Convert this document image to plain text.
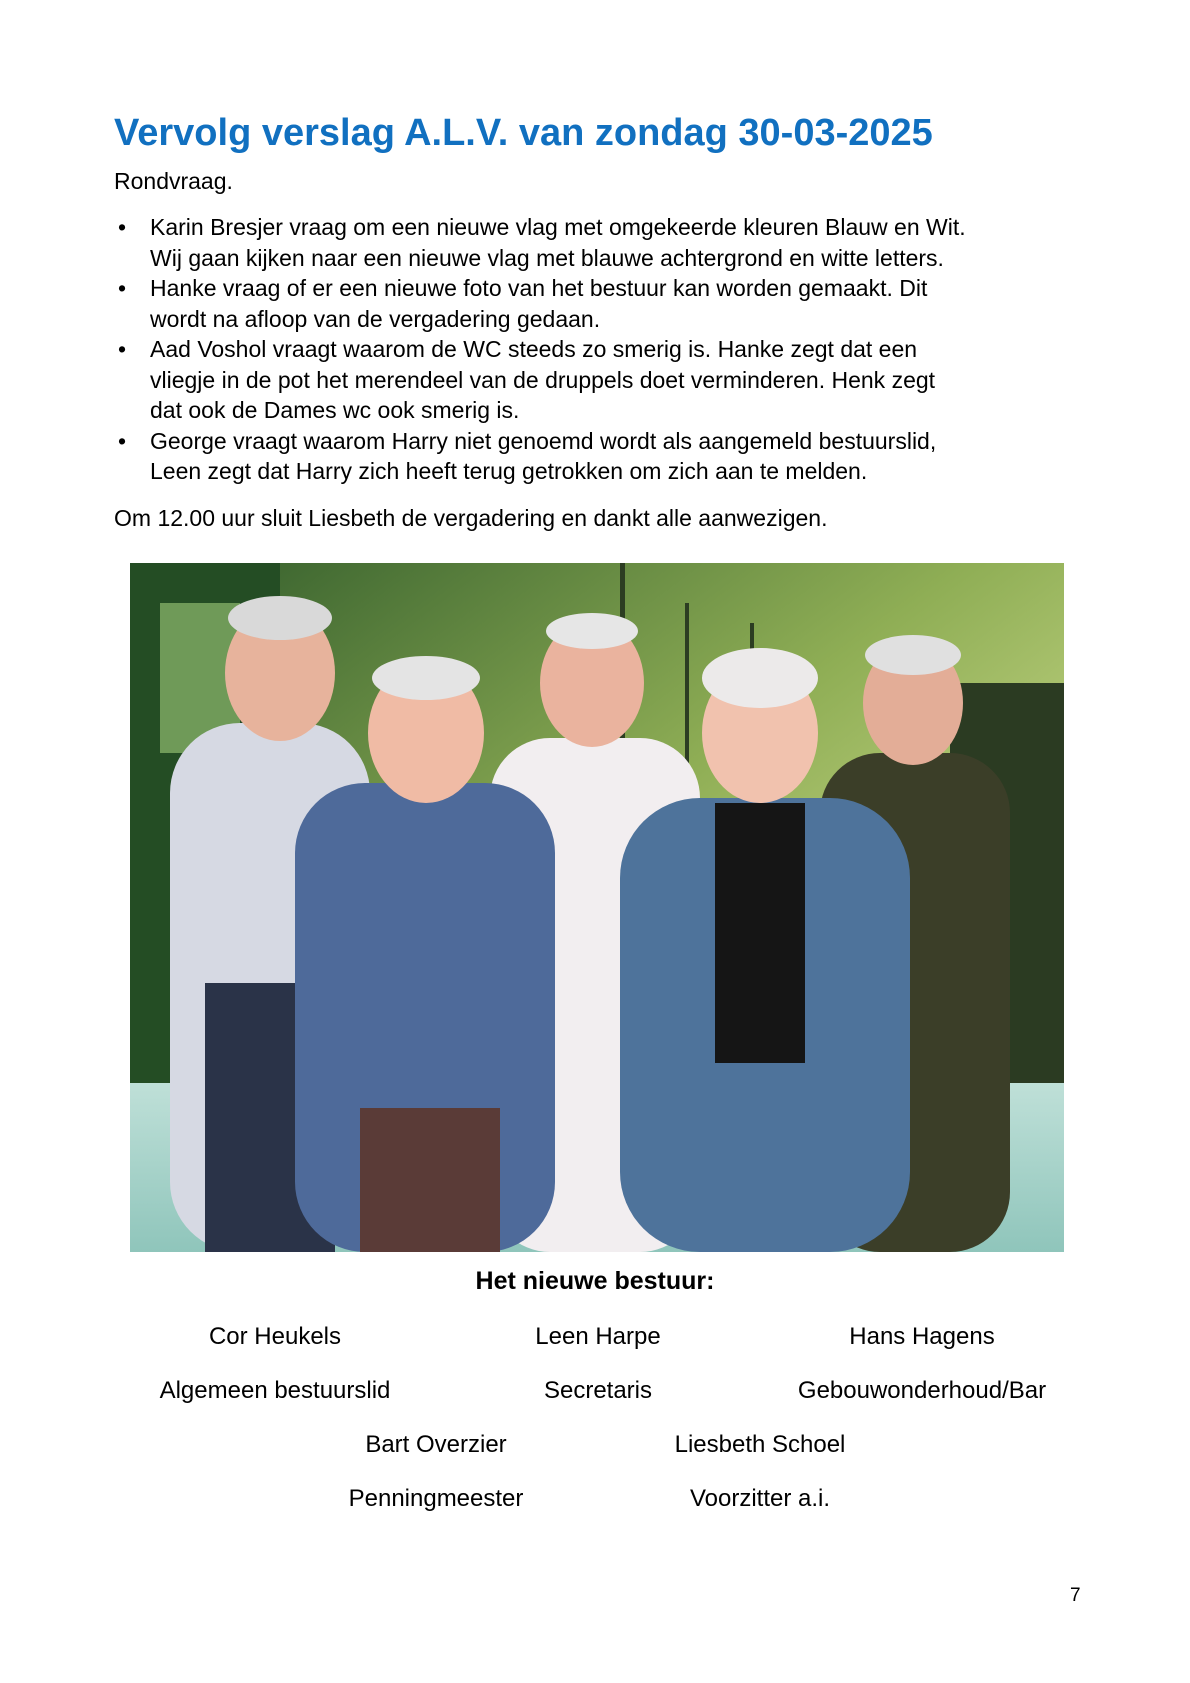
Vervolg verslag A.L.V. van zondag 30-03-2025

Rondvraag.

• Karin Bresjer vraag om een nieuwe vlag met omgekeerde kleuren Blauw en Wit.
Wij gaan kijken naar een nieuwe vlag met blauwe achtergrond en witte letters.
• Hanke vraag of er een nieuwe foto van het bestuur kan worden gemaakt. Dit
wordt na afloop van de vergadering gedaan.
• Aad Voshol vraagt waarom de WC steeds zo smerig is. Hanke zegt dat een
vliegje in de pot het merendeel van de druppels doet verminderen. Henk zegt
dat ook de Dames wc ook smerig is.
• George vraagt waarom Harry niet genoemd wordt als aangemeld bestuurslid,
Leen zegt dat Harry zich heeft terug getrokken om zich aan te melden.

Om 12.00 uur sluit Liesbeth de vergadering en dankt alle aanwezigen.

Het nieuwe bestuur:

Cor Heukels
Algemeen bestuurslid
Leen Harpe
Secretaris
Hans Hagens
Gebouwonderhoud/Bar
Bart Overzier
Penningmeester
Liesbeth Schoel
Voorzitter a.i.
7
